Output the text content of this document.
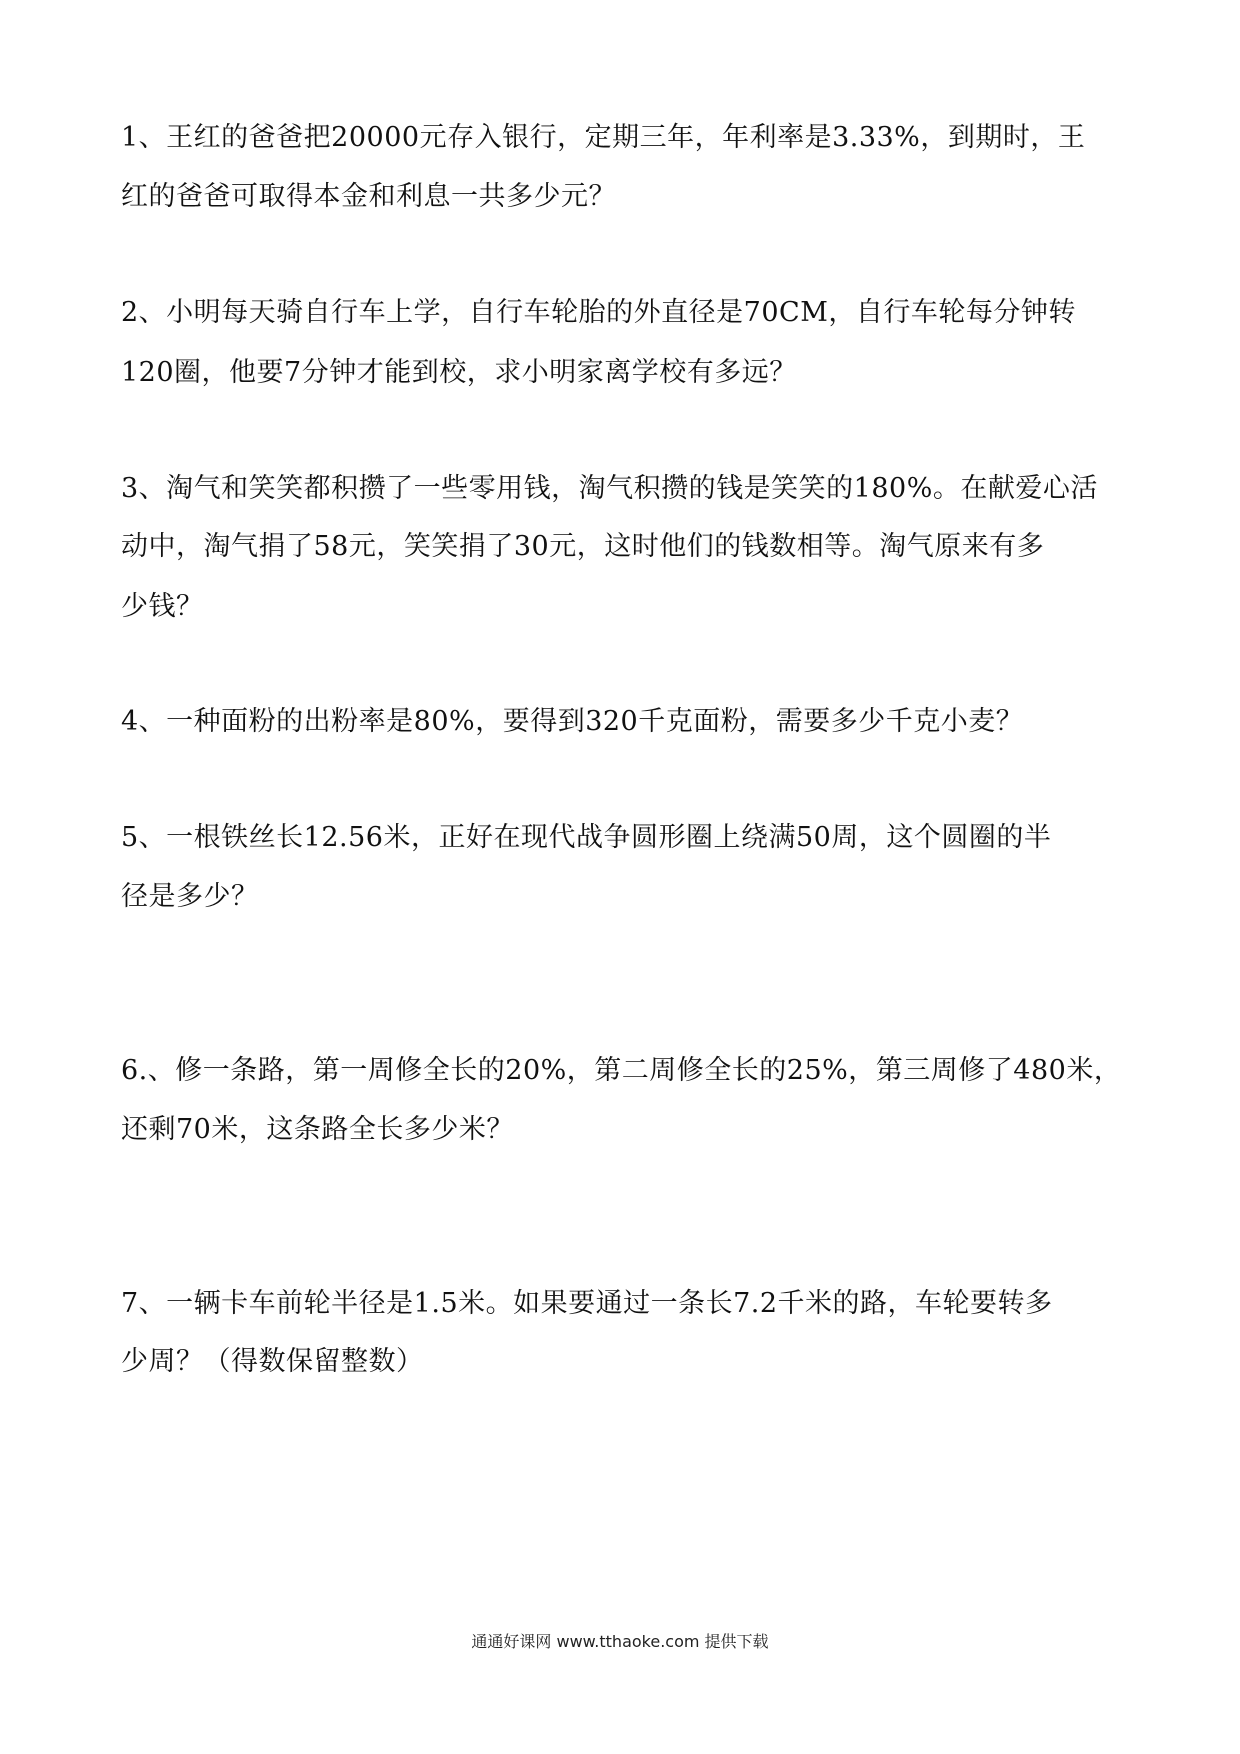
1、王红的爸爸把20000元存入银行，定期三年，年利率是3.33%，到期时，王
红的爸爸可取得本金和利息一共多少元？
2、小明每天骑自行车上学，自行车轮胎的外直径是70CM，自行车轮每分钟转
120圈，他要7分钟才能到校，求小明家离学校有多远？
3、淘气和笑笑都积攒了一些零用钱，淘气积攒的钱是笑笑的180%。在献爱心活
动中，淘气捐了58元，笑笑捐了30元，这时他们的钱数相等。淘气原来有多
少钱？
4、一种面粉的出粉率是80%，要得到320千克面粉，需要多少千克小麦？
5、一根铁丝长12.56米，正好在现代战争圆形圈上绕满50周，这个圆圈的半
径是多少？
6.、修一条路，第一周修全长的20%，第二周修全长的25%，第三周修了480米，
还剩70米，这条路全长多少米？
7、一辆卡车前轮半径是1.5米。如果要通过一条长7.2千米的路，车轮要转多
少周？（得数保留整数）
通通好课网 www.tthaoke.com 提供下载
